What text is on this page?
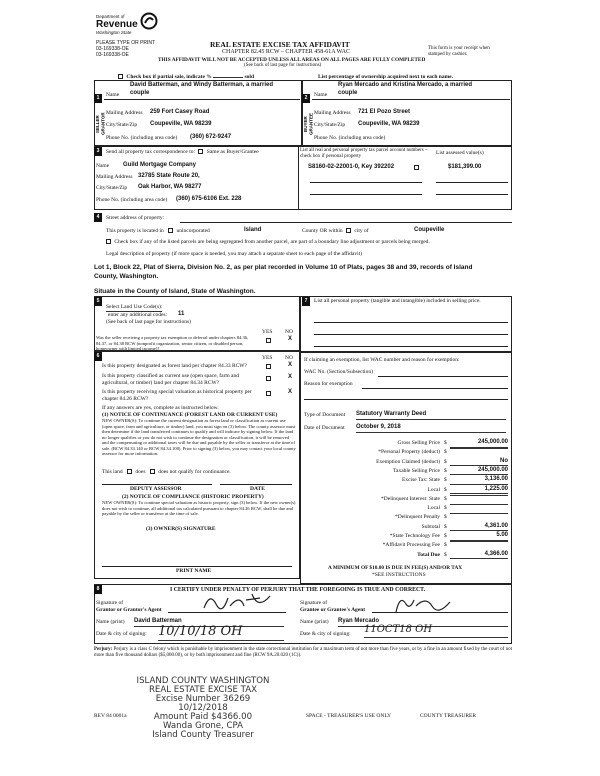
Department of
Revenue
Washington State
PLEASE TYPE OR PRINT
03-169338-OE
03-169338-OE
REAL ESTATE EXCISE TAX AFFIDAVIT
CHAPTER 82.45 RCW – CHAPTER 458-61A WAC
THIS AFFIDAVIT WILL NOT BE ACCEPTED UNLESS ALL AREAS ON ALL PAGES ARE FULLY COMPLETED
(See back of last page for instructions)
This form is your receipt when stamped by cashier.
Check box if partial sale, indicate %	sold	List percentage of ownership acquired next to each name.
1
SELLER GRANTOR
2
BUYER GRANTEE
David Batterman, and Windy Batterman, a married
Name couple
Mailing Address 259 Fort Casey Road
City/State/Zip Coupeville, WA 98239
Phone No. (including area code) (360) 672-9247
Ryan Mercado and Kristina Mercado, a married
Name couple
Mailing Address 721 El Pozo Street
City/State/Zip Coupeville, WA 98239
Phone No. (including area code)
3	Send all property tax correspondence to: Same as Buyer/Grantee
Name Guild Mortgage Company
Mailing Address 32785 State Route 20,
City/State/Zip Oak Harbor, WA 98277
Phone No. (including area code) (360) 675-6106 Ext. 228
List all real and personal property tax parcel account numbers – check box if personal property
S8160-02-22001-0, Key 392202
List assessed value(s)
$181,399.00
4	Street address of property:
This property is located in unincorporated	Island	County OR within city of	Coupeville
Check box if any of the listed parcels are being segregated from another parcel, are part of a boundary line adjustment or parcels being merged.
Legal description of property (if more space is needed, you may attach a separate sheet to each page of the affidavit)
Lot 1, Block 22, Plat of Sierra, Division No. 2, as per plat recorded in Volume 10 of Plats, pages 38 and 39, records of Island
County, Washington.
Situate in the County of Island, State of Washington.
5
Select Land Use Code(s):
enter any additional codes: 11
(See back of last page for instructions)
YES NO
Was the seller receiving a property tax exemption or deferral under chapters 84.36, 84.37, or 84.38 RCW (nonprofit organization, senior citizen, or disabled person, homeowner with limited income)?
X
6	YES NO
Is this property designated as forest land per chapter 84.33 RCW?	X
Is this property classified as current use (open space, farm and agricultural, or timber) land per chapter 84.34 RCW?
X
Is this property receiving special valuation as historical property per chapter 84.26 RCW?
X
If any answers are yes, complete as instructed below.
(1) NOTICE OF CONTINUANCE (FOREST LAND OR CURRENT USE)
NEW OWNER(S): To continue the current designation as forest land or classification as current use (open space, farm and agriculture, or timber) land, you must sign on (3) below. The county assessor must then determine if the land transferred continues to qualify and will indicate by signing below. If the land no longer qualifies or you do not wish to continue the designation or classification, it will be removed and the compensating or additional taxes will be due and payable by the seller or transferor at the time of sale. (RCW 84.33.140 or RCW 84.34.108). Prior to signing (3) below, you may contact your local county assessor for more information.
This land does does not qualify for continuance.
DEPUTY ASSESSOR	DATE
(2) NOTICE OF COMPLIANCE (HISTORIC PROPERTY)
NEW OWNER(S): To continue special valuation as historic property, sign (3) below. If the new owner(s) does not wish to continue, all additional tax calculated pursuant to chapter 84.26 RCW, shall be due and payable by the seller or transferor at the time of sale.
(3) OWNER(S) SIGNATURE
PRINT NAME
7	List all personal property (tangible and intangible) included in selling price.
If claiming an exemption, list WAC number and reason for exemption:
WAC No. (Section/Subsection)
Reason for exemption
Type of Document Statutory Warranty Deed
Date of Document October 9, 2018
Gross Selling Price $	245,000.00
*Personal Property (deduct) $
Exemption Claimed (deduct) $	No
Taxable Selling Price $	245,000.00
Excise Tax: State $	3,136.00
Local $	1,225.00
*Delinquent Interest: State $
Local $
*Delinquent Penalty $
Subtotal $	4,361.00
*State Technology Fee $	5.00
*Affidavit Processing Fee $
Total Due $	4,366.00
A MINIMUM OF $10.00 IS DUE IN FEE(S) AND/OR TAX
*SEE INSTRUCTIONS
8	I CERTIFY UNDER PENALTY OF PERJURY THAT THE FOREGOING IS TRUE AND CORRECT.
Signature of
Grantor or Grantor's Agent
Signature of
Grantee or Grantee's Agent
Name (print) David Batterman	Name (print) Ryan Mercado
Date & city of signing: 10/10/18 OH	Date & city of signing: 11OCT18 OH
Perjury: Perjury is a class C felony which is punishable by imprisonment in the state correctional institution for a maximum term of not more than five years, or by a fine in an amount fixed by the court of not more than five thousand dollars ($5,000.00), or by both imprisonment and fine (RCW 9A.20.020 (1C)).
ISLAND COUNTY WASHINGTON
REAL ESTATE EXCISE TAX
Excise Number 36269
10/12/2018
Amount Paid $4366.00
Wanda Grone, CPA
Island County Treasurer
REV 84 0001a	SPACE - TREASURER'S USE ONLY	COUNTY TREASURER
